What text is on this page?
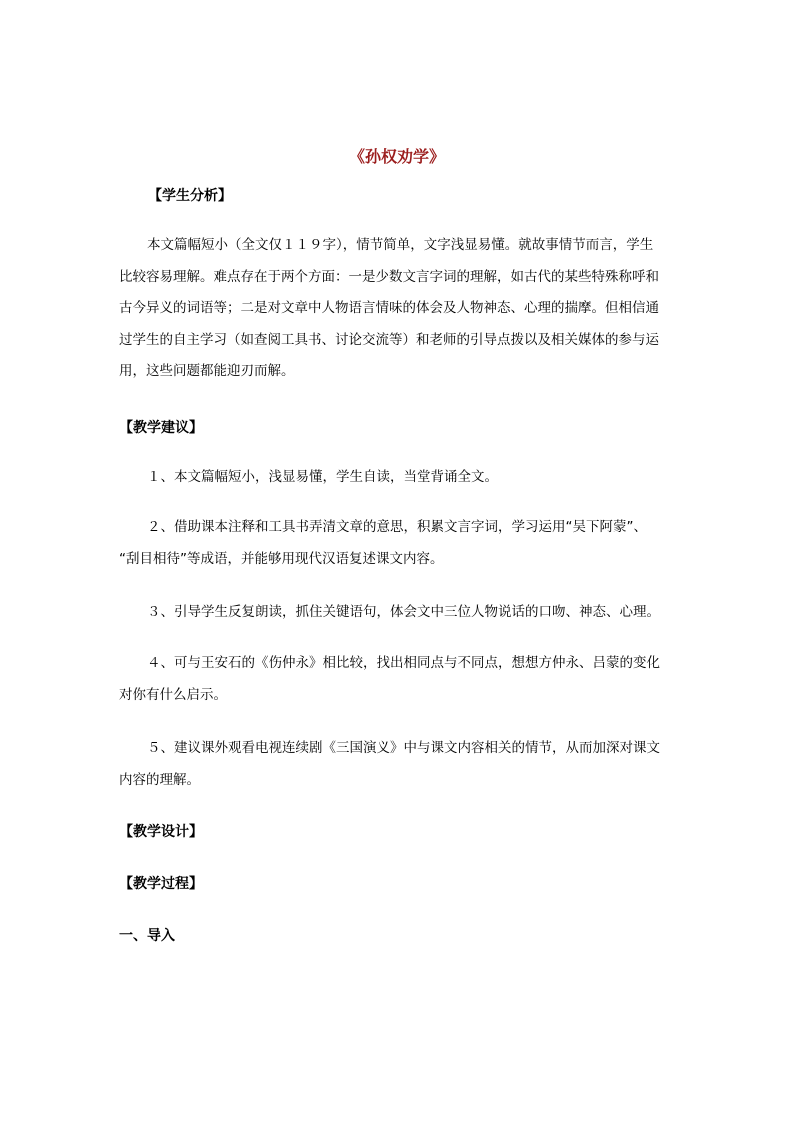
《孙权劝学》
【学生分析】
本文篇幅短小（全文仅１１９字），情节简单，文字浅显易懂。就故事情节而言，学生
比较容易理解。难点存在于两个方面：一是少数文言字词的理解，如古代的某些特殊称呼和
古今异义的词语等；二是对文章中人物语言情味的体会及人物神态、心理的揣摩。但相信通
过学生的自主学习（如查阅工具书、讨论交流等）和老师的引导点拨以及相关媒体的参与运
用，这些问题都能迎刃而解。
【教学建议】
１、本文篇幅短小，浅显易懂，学生自读，当堂背诵全文。
２、借助课本注释和工具书弄清文章的意思，积累文言字词，学习运用“吴下阿蒙”、
“刮目相待”等成语，并能够用现代汉语复述课文内容。
３、引导学生反复朗读，抓住关键语句，体会文中三位人物说话的口吻、神态、心理。
４、可与王安石的《伤仲永》相比较，找出相同点与不同点，想想方仲永、吕蒙的变化
对你有什么启示。
５、建议课外观看电视连续剧《三国演义》中与课文内容相关的情节，从而加深对课文
内容的理解。
【教学设计】
【教学过程】
一、导入
